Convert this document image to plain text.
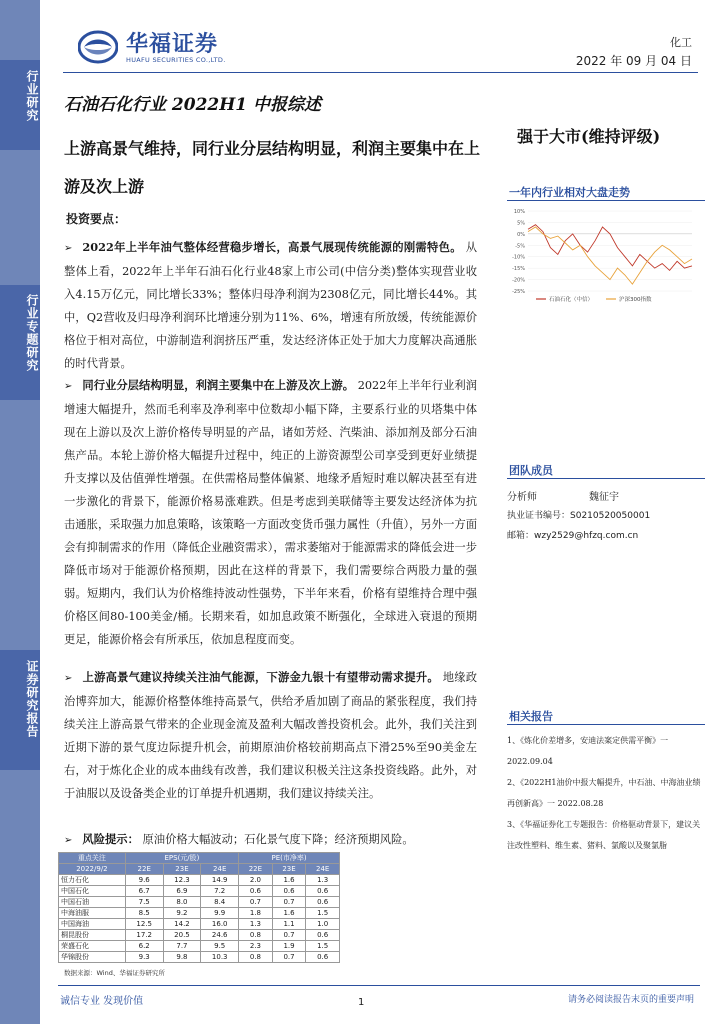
行业研究
行业专题研究
证券研究报告
华福证券
HUAFU SECURITIES CO.,LTD.
化工
2022 年 09 月 04 日
石油石化行业 2022H1 中报综述
上游高景气维持，同行业分层结构明显，利润主要集中在上游及次上游
强于大市(维持评级)
一年内行业相对大盘走势
10%
5%
0%
-5%
-10%
-15%
-20%
-25%
石油石化（中信）	沪深300指数
投资要点：
➢ 2022年上半年油气整体经营稳步增长，高景气展现传统能源的刚需特色。 从整体上看，2022年上半年石油石化行业48家上市公司(中信分类)整体实现营业收入4.15万亿元，同比增长33%；整体归母净利润为2308亿元，同比增长44%。其中，Q2营收及归母净利润环比增速分别为11%、6%，增速有所放缓，传统能源价格位于相对高位，中游制造利润挤压严重，发达经济体正处于加大力度解决高通胀的时代背景。
➢ 同行业分层结构明显，利润主要集中在上游及次上游。 2022年上半年行业利润增速大幅提升，然而毛利率及净利率中位数却小幅下降，主要系行业的贝塔集中体现在上游以及次上游价格传导明显的产品，诸如芳烃、汽柴油、添加剂及部分石油焦产品。本轮上游价格大幅提升过程中，纯正的上游资源型公司享受到更好业绩提升支撑以及估值弹性增强。在供需格局整体偏紧、地缘矛盾短时难以解决甚至有进一步激化的背景下，能源价格易涨难跌。但是考虑到美联储等主要发达经济体为抗击通胀，采取强力加息策略，该策略一方面改变货币强力属性（升值），另外一方面会有抑制需求的作用（降低企业融资需求），需求萎缩对于能源需求的降低会进一步降低市场对于能源价格预期，因此在这样的背景下，我们需要综合两股力量的强弱。短期内，我们认为价格维持波动性强势，下半年来看，价格有望维持合理中强价格区间80-100美金/桶。长期来看，如加息政策不断强化，全球进入衰退的预期更足，能源价格会有所承压，依加息程度而变。
➢ 上游高景气建议持续关注油气能源，下游金九银十有望带动需求提升。 地缘政治博弈加大，能源价格整体维持高景气，供给矛盾加剧了商品的紧张程度，我们持续关注上游高景气带来的企业现金流及盈利大幅改善投资机会。此外，我们关注到近期下游的景气度边际提升机会，前期原油价格较前期高点下滑25%至90美金左右，对于炼化企业的成本曲线有改善，我们建议积极关注这条投资线路。此外，对于油服以及设备类企业的订单提升机遇期，我们建议持续关注。
➢ 风险提示： 原油价格大幅波动；石化景气度下降；经济预期风险。
团队成员
分析师	魏征宇
执业证书编号：S0210520050001
邮箱：wzy2529@hfzq.com.cn
相关报告
1、《炼化价差增多，安迪法案定供需平衡》一 2022.09.04
2、《2022H1油价中报大幅提升，中石油、中海油业绩再创新高》一 2022.08.28
3、《华福证券化工专题报告：价格驱动背景下，建议关注改性塑料、维生素、猪料、氯酸以及聚氯脂
重点关注	EPS(元/股)			PE(市净率)		
2022/9/2	22E	23E	24E	22E	23E	24E
恒力石化	9.6	12.3	14.9	2.0	1.6	1.3
中国石化	6.7	6.9	7.2	0.6	0.6	0.6
中国石油	7.5	8.0	8.4	0.7	0.7	0.6
中海油服	8.5	9.2	9.9	1.8	1.6	1.5
中国海油	12.5	14.2	16.0	1.3	1.1	1.0
桐昆股份	17.2	20.5	24.6	0.8	0.7	0.6
荣盛石化	6.2	7.7	9.5	2.3	1.9	1.5
华锦股份	9.3	9.8	10.3	0.8	0.7	0.6
数据来源：Wind、华福证券研究所
诚信专业 发现价值	1	请务必阅读报告末页的重要声明
